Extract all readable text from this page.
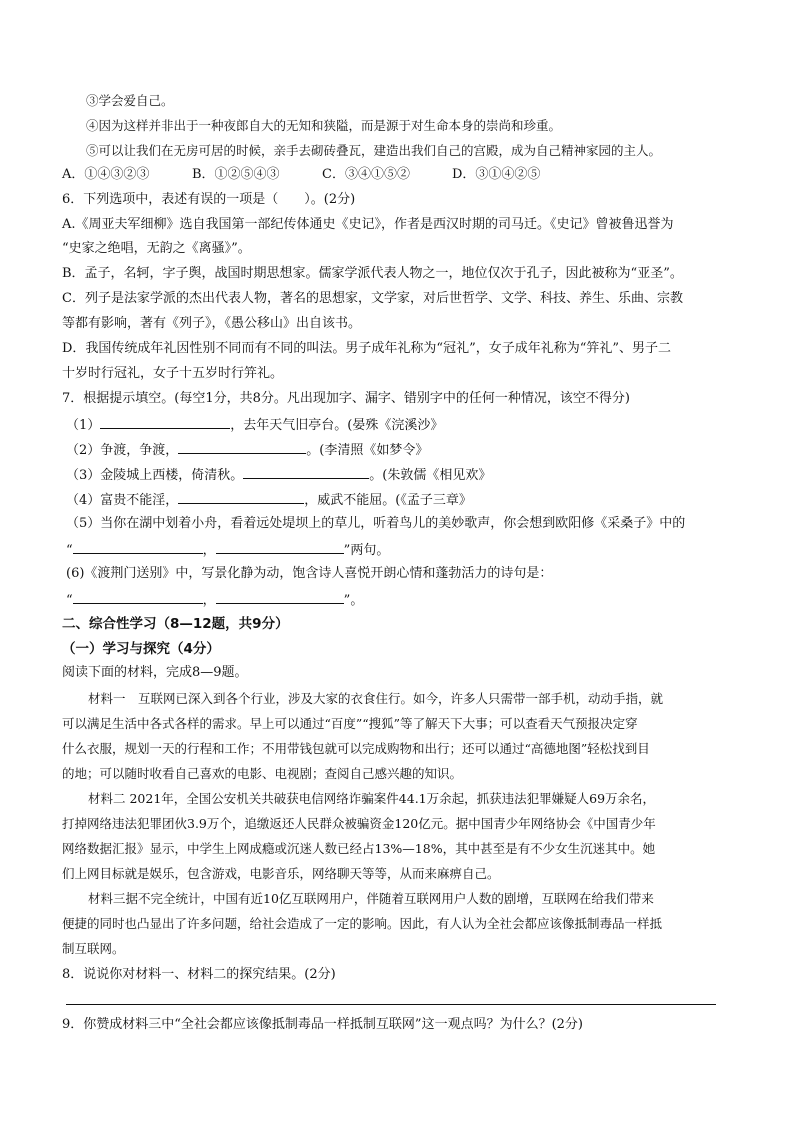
③学会爱自己。
④因为这样并非出于一种夜郎自大的无知和狭隘，而是源于对生命本身的崇尚和珍重。
⑤可以让我们在无房可居的时候，亲手去砌砖叠瓦，建造出我们自己的宫殿，成为自己精神家园的主人。
A．①④③②③	B．①②⑤④③	C．③④①⑤②	D．③①④②⑤
6．下列选项中，表述有误的一项是（　　）。(2分)
A.《周亚夫军细柳》选自我国第一部纪传体通史《史记》，作者是西汉时期的司马迁。《史记》曾被鲁迅誉为
“史家之绝唱，无韵之《离骚》”。
B．孟子，名轲，字子舆，战国时期思想家。儒家学派代表人物之一，地位仅次于孔子，因此被称为“亚圣”。
C．列子是法家学派的杰出代表人物，著名的思想家，文学家，对后世哲学、文学、科技、养生、乐曲、宗教
等都有影响，著有《列子》，《愚公移山》出自该书。
D．我国传统成年礼因性别不同而有不同的叫法。男子成年礼称为“冠礼”，女子成年礼称为“笄礼”、男子二
十岁时行冠礼，女子十五岁时行笄礼。
7．根据提示填空。(每空1分，共8分。凡出现加字、漏字、错别字中的任何一种情况，该空不得分)
（1）	，去年天气旧亭台。(晏殊《浣溪沙》
（2）争渡，争渡，	。(李清照《如梦令》
（3）金陵城上西楼，倚清秋。	。(朱敦儒《相见欢》
（4）富贵不能淫，	，威武不能屈。(《孟子三章》
（5）当你在湖中划着小舟，看着远处堤坝上的草儿，听着鸟儿的美妙歌声，你会想到欧阳修《采桑子》中的
“	，	”两句。
(6)《渡荆门送别》中，写景化静为动，饱含诗人喜悦开朗心情和蓬勃活力的诗句是：
“	，	”。
二、综合性学习（8—12题，共9分）
（一）学习与探究（4分）
阅读下面的材料，完成8—9题。
材料一　互联网已深入到各个行业，涉及大家的衣食住行。如今，许多人只需带一部手机，动动手指，就
可以满足生活中各式各样的需求。早上可以通过“百度”“搜狐”等了解天下大事；可以查看天气预报决定穿
什么衣服，规划一天的行程和工作；不用带钱包就可以完成购物和出行；还可以通过“高德地图”轻松找到目
的地；可以随时收看自己喜欢的电影、电视剧；查阅自己感兴趣的知识。
材料二 2021年，全国公安机关共破获电信网络诈骗案件44.1万余起，抓获违法犯罪嫌疑人69万余名，
打掉网络违法犯罪团伙3.9万个，追缴返还人民群众被骗资金120亿元。据中国青少年网络协会《中国青少年
网络数据汇报》显示，中学生上网成瘾或沉迷人数已经占13%—18%，其中甚至是有不少女生沉迷其中。她
们上网目标就是娱乐，包含游戏，电影音乐，网络聊天等等，从而来麻痹自己。
材料三据不完全统计，中国有近10亿互联网用户，伴随着互联网用户人数的剧增，互联网在给我们带来
便捷的同时也凸显出了许多问题，给社会造成了一定的影响。因此，有人认为全社会都应该像抵制毒品一样抵
制互联网。
8．说说你对材料一、材料二的探究结果。(2分)
9．你赞成材料三中“全社会都应该像抵制毒品一样抵制互联网”这一观点吗？为什么？(2分)
